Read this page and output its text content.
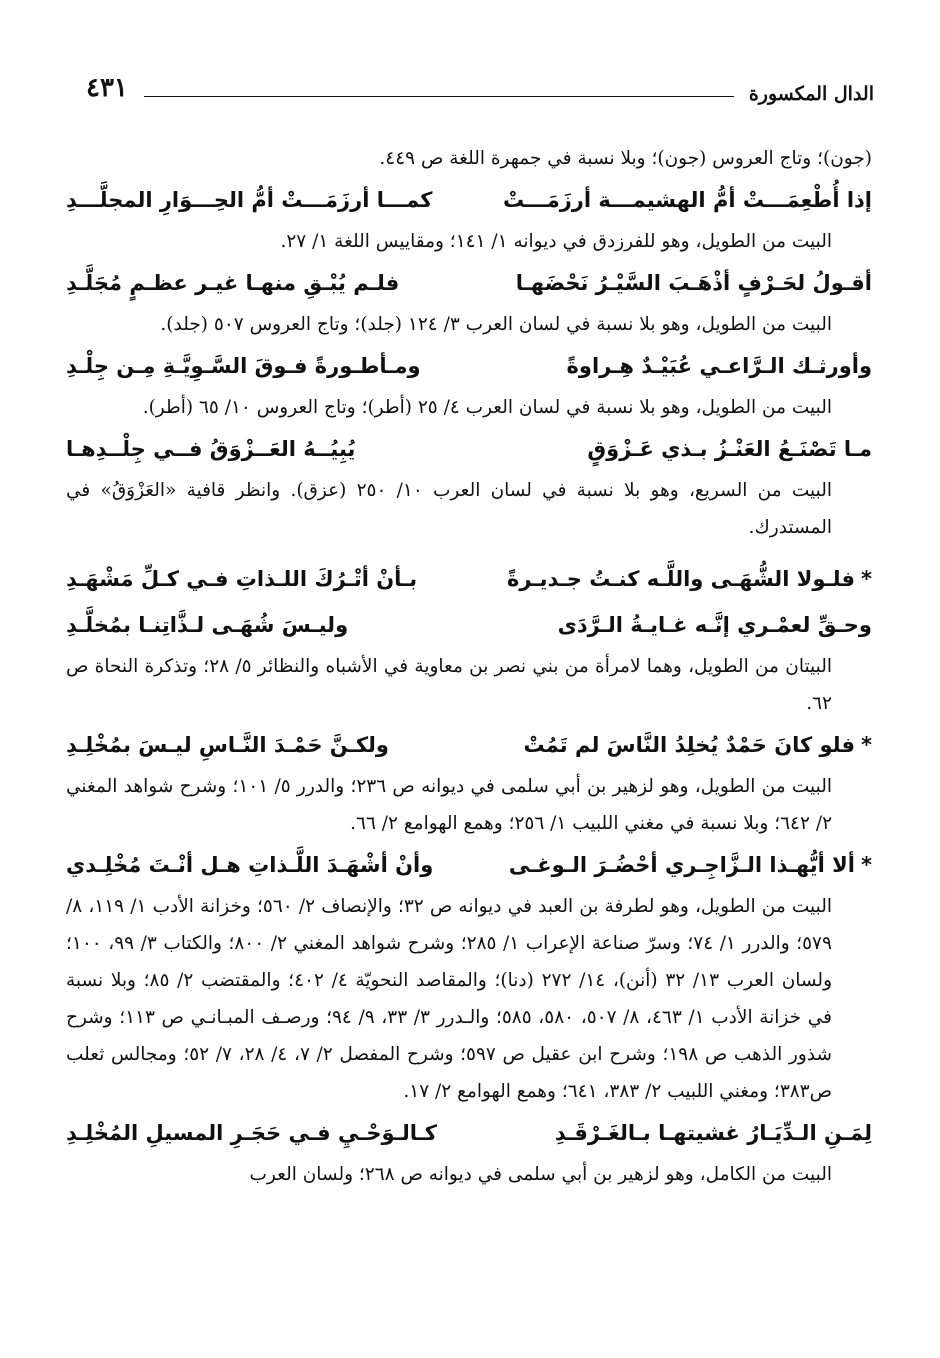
٤٣١	الدال المكسورة

(جون)؛ وتاج العروس (جون)؛ وبلا نسبة في جمهرة اللغة ص ٤٤٩.

إذا أُطْعِمَـــتْ أمُّ الهشيمـــة أرزَمَـــتْ
كمـــا أرزَمَـــتْ أمُّ الحِـــوَارِ المجلَّـــدِ

البيت من الطويل، وهو للفرزدق في ديوانه ١/ ١٤١؛ ومقاييس اللغة ١/ ٢٧.

أقـولُ لحَـرْفٍ أذْهَـبَ السَّيْـرُ نَحْضَهـا
فلـم يُبْـقِ منهـا غيـر عظـمٍ مُجَلَّـدِ

البيت من الطويل، وهو بلا نسبة في لسان العرب ٣/ ١٢٤ (جلد)؛ وتاج العروس ٥٠٧ (جلد).

وأورثـك الـرَّاعـي عُبَيْـدٌ هِـراوةً
ومـأطـورةً فـوقَ السَّـوِيَّـةِ مِـن جِلْـدِ

البيت من الطويل، وهو بلا نسبة في لسان العرب ٤/ ٢٥ (أطر)؛ وتاج العروس ١٠/ ٦٥ (أطر).

مـا تَصْنَـعُ العَنْـزُ بـذي عَـزْوَقٍ
يُبِيُــهُ العَــزْوَقُ فــي جِلْــدِهـا

البيت من السريع، وهو بلا نسبة في لسان العرب ١٠/ ٢٥٠ (عزق). وانظر قافية «العَزْوَقُ» في المستدرك.

*فلـولا الشُّهَـى واللَّـه كنـتُ جـديـرةً
بـأنْ أتْـرُكَ اللـذاتِ فـي كـلِّ مَشْهَـدِ
وحـقِّ لعمْـري إنَّـه غـايـةُ الـرَّدَى
وليـسَ شُهَـى لـذَّاتِنـا بمُخلَّـدِ

البيتان من الطويل، وهما لامرأة من بني نصر بن معاوية في الأشباه والنظائر ٥/ ٢٨؛ وتذكرة النحاة ص ٦٢.

*فلو كانَ حَمْدٌ يُخلِدُ النَّاسَ لم تَمُتْ
ولكـنَّ حَمْـدَ النَّـاسِ ليـسَ بمُخْلِـدِ

البيت من الطويل، وهو لزهير بن أبي سلمى في ديوانه ص ٢٣٦؛ والدرر ٥/ ١٠١؛ وشرح شواهد المغني ٢/ ٦٤٢؛ وبلا نسبة في مغني اللبيب ١/ ٢٥٦؛ وهمع الهوامع ٢/ ٦٦.

*ألا أيُّهـذا الـزَّاجِـري أحْضُـرَ الـوغـى
وأنْ أشْهَـدَ اللَّـذاتِ هـل أنْـتَ مُخْلِـدي

البيت من الطويل، وهو لطرفة بن العبد في ديوانه ص ٣٢؛ والإنصاف ٢/ ٥٦٠؛ وخزانة الأدب ١/ ١١٩، ٨/ ٥٧٩؛ والدرر ١/ ٧٤؛ وسرّ صناعة الإعراب ١/ ٢٨٥؛ وشرح شواهد المغني ٢/ ٨٠٠؛ والكتاب ٣/ ٩٩، ١٠٠؛ ولسان العرب ١٣/ ٣٢ (أنن)، ١٤/ ٢٧٢ (دنا)؛ والمقاصد النحويّة ٤/ ٤٠٢؛ والمقتضب ٢/ ٨٥؛ وبلا نسبة في خزانة الأدب ١/ ٤٦٣، ٨/ ٥٠٧، ٥٨٠، ٥٨٥؛ والـدرر ٣/ ٣٣، ٩/ ٩٤؛ ورصـف المبـانـي ص ١١٣؛ وشرح شذور الذهب ص ١٩٨؛ وشرح ابن عقيل ص ٥٩٧؛ وشرح المفصل ٢/ ٧، ٤/ ٢٨، ٧/ ٥٢؛ ومجالس ثعلب ص٣٨٣؛ ومغني اللبيب ٢/ ٣٨٣، ٦٤١؛ وهمع الهوامع ٢/ ١٧.

لِمَـنِ الـدِّيَـارُ غشيتهـا بـالغَـرْقَـدِ
كـالـوَحْـيِ فـي حَجَـرِ المسيلِ المُخْلِـدِ

البيت من الكامل، وهو لزهير بن أبي سلمى في ديوانه ص ٢٦٨؛ ولسان العرب
